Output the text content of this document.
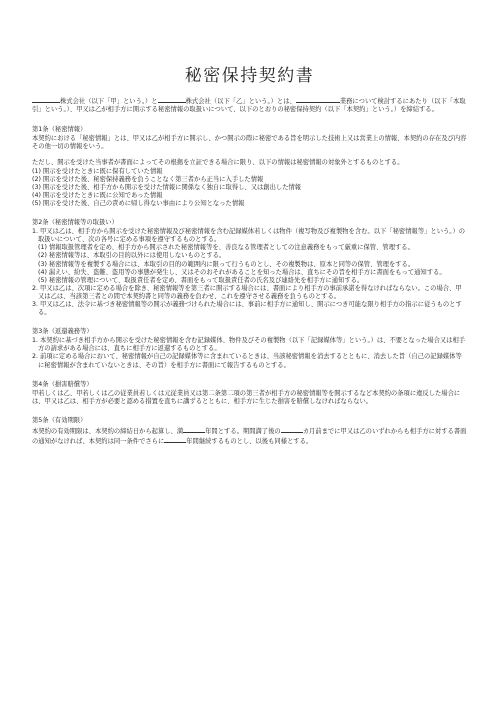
秘密保持契約書

株式会社（以下「甲」という。）と	株式会社（以下「乙」という。）とは、	業務について検討するにあたり（以下「本取引」という。）、甲又は乙が相手方に開示する秘密情報の取扱いについて、以下のとおりの秘密保持契約（以下「本契約」という。）を締結する。

第1条（秘密情報）

本契約における「秘密情報」とは、甲又は乙が相手方に開示し、かつ開示の際に秘密である旨を明示した技術上又は営業上の情報、本契約の存在及び内容その他一切の情報をいう。

ただし、開示を受けた当事者が書面によってその根拠を立証できる場合に限り、以下の情報は秘密情報の対象外とするものとする。

(1) 開示を受けたときに既に保有していた情報

(2) 開示を受けた後、秘密保持義務を負うことなく第三者から正当に入手した情報

(3) 開示を受けた後、相手方から開示を受けた情報に関係なく独自に取得し、又は創出した情報

(4) 開示を受けたときに既に公知であった情報

(5) 開示を受けた後、自己の責めに帰し得ない事由により公知となった情報

第2条（秘密情報等の取扱い）

1. 甲又は乙は、相手方から開示を受けた秘密情報及び秘密情報を含む記録媒体若しくは物件（複写物及び複製物を含む。以下「秘密情報等」という。）の取扱いについて、次の各号に定める事項を遵守するものとする。

(1) 情報取扱管理者を定め、相手方から開示された秘密情報等を、善良なる管理者としての注意義務をもって厳重に保管、管理する。

(2) 秘密情報等は、本取引の目的以外には使用しないものとする。

(3) 秘密情報等を複製する場合には、本取引の目的の範囲内に限って行うものとし、その複製物は、原本と同等の保管、管理をする。

(4) 漏えい、紛失、盗難、盗用等の事態が発生し、又はそのおそれがあることを知った場合は、直ちにその旨を相手方に書面をもって通知する。

(5) 秘密情報の管理について、取扱責任者を定め、書面をもって取扱責任者の氏名及び連絡先を相手方に通知する。

2. 甲又は乙は、次項に定める場合を除き、秘密情報等を第三者に開示する場合には、書面により相手方の事前承諾を得なければならない。この場合、甲又は乙は、当該第三者との間で本契約書と同等の義務を負わせ、これを遵守させる義務を負うものとする。

3. 甲又は乙は、法令に基づき秘密情報等の開示が義務づけられた場合には、事前に相手方に通知し、開示につき可能な限り相手方の指示に従うものとする。

第3条（返還義務等）

1. 本契約に基づき相手方から開示を受けた秘密情報を含む記録媒体、物件及びその複製物（以下「記録媒体等」という。）は、不要となった場合又は相手方の請求がある場合には、直ちに相手方に返還するものとする。

2. 前項に定める場合において、秘密情報が自己の記録媒体等に含まれているときは、当該秘密情報を消去するとともに、消去した旨（自己の記録媒体等に秘密情報が含まれていないときは、その旨）を相手方に書面にて報告するものとする。

第4条（損害賠償等）

甲若しくは乙、甲若しくは乙の従業員若しくは元従業員又は第二条第二項の第三者が相手方の秘密情報等を開示するなど本契約の条項に違反した場合には、甲又は乙は、相手方が必要と認める措置を直ちに講ずるとともに、相手方に生じた損害を賠償しなければならない。

第5条（有効期限）

本契約の有効期限は、本契約の締結日から起算し、満	年間とする。期間満了後の	カ月前までに甲又は乙のいずれからも相手方に対する書面の通知がなければ、本契約は同一条件でさらに	年間継続するものとし、以後も同様とする。
